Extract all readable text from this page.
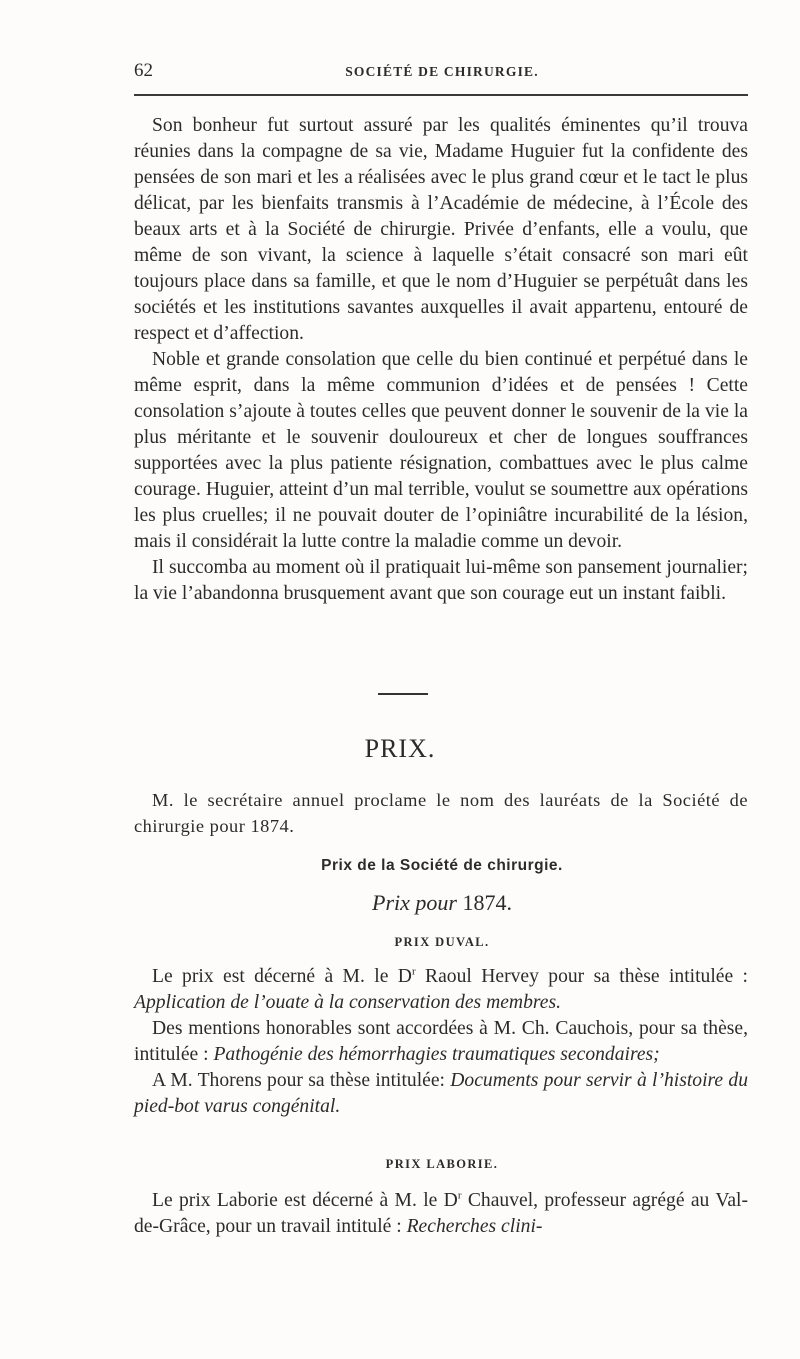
62	SOCIÉTÉ DE CHIRURGIE.

Son bonheur fut surtout assuré par les qualités éminentes qu’il trouva réunies dans la compagne de sa vie, Madame Huguier fut la confidente des pensées de son mari et les a réalisées avec le plus grand cœur et le tact le plus délicat, par les bienfaits transmis à l’Académie de médecine, à l’École des beaux arts et à la Société de chirurgie. Privée d’enfants, elle a voulu, que même de son vivant, la science à laquelle s’était consacré son mari eût toujours place dans sa famille, et que le nom d’Huguier se perpétuât dans les sociétés et les institutions savantes auxquelles il avait appartenu, entouré de respect et d’affection.

Noble et grande consolation que celle du bien continué et perpétué dans le même esprit, dans la même communion d’idées et de pensées ! Cette consolation s’ajoute à toutes celles que peuvent donner le souvenir de la vie la plus méritante et le souvenir douloureux et cher de longues souffrances supportées avec la plus patiente résignation, combattues avec le plus calme courage. Huguier, atteint d’un mal terrible, voulut se soumettre aux opérations les plus cruelles; il ne pouvait douter de l’opiniâtre incurabilité de la lésion, mais il considérait la lutte contre la maladie comme un devoir.

Il succomba au moment où il pratiquait lui-même son pansement journalier; la vie l’abandonna brusquement avant que son courage eut un instant faibli.

PRIX.

M. le secrétaire annuel proclame le nom des lauréats de la Société de chirurgie pour 1874.

Prix de la Société de chirurgie.
Prix pour 1874.
PRIX DUVAL.

Le prix est décerné à M. le $D^r$ Raoul Hervey pour sa thèse intitulée : Application de l’ouate à la conservation des membres.

Des mentions honorables sont accordées à M. Ch. Cauchois, pour sa thèse, intitulée : Pathogénie des hémorrhagies traumatiques secondaires;

A M. Thorens pour sa thèse intitulée: Documents pour servir à l’histoire du pied-bot varus congénital.

PRIX LABORIE.

Le prix Laborie est décerné à M. le $D^r$ Chauvel, professeur agrégé au Val-de-Grâce, pour un travail intitulé : Recherches clini-
